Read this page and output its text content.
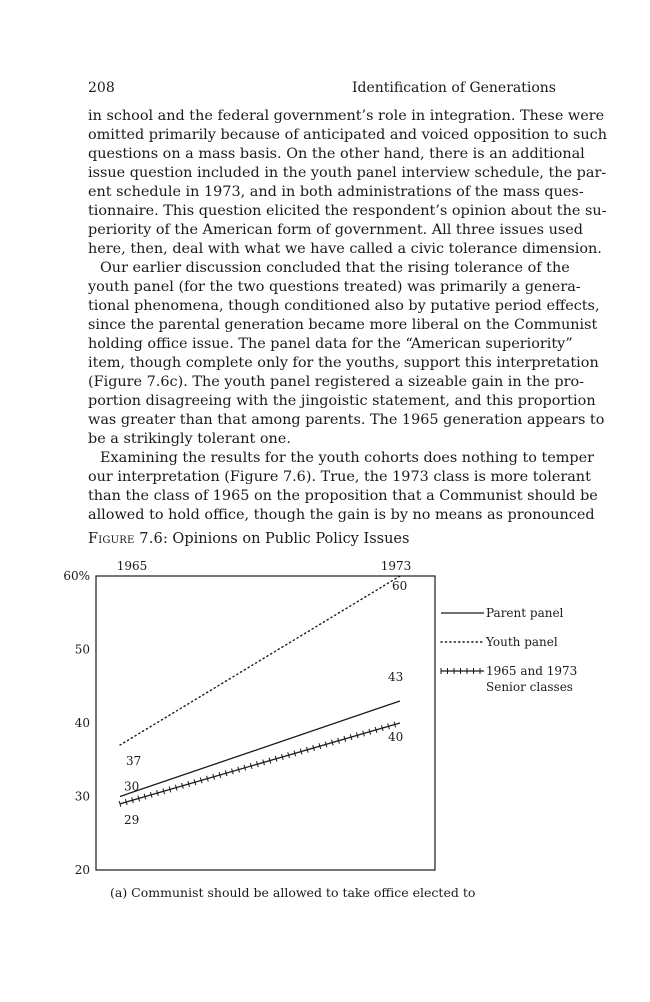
208	Identification of Generations
in school and the federal government’s role in integration. These were
omitted primarily because of anticipated and voiced opposition to such
questions on a mass basis. On the other hand, there is an additional
issue question included in the youth panel interview schedule, the par-
ent schedule in 1973, and in both administrations of the mass ques-
tionnaire. This question elicited the respondent’s opinion about the su-
periority of the American form of government. All three issues used
here, then, deal with what we have called a civic tolerance dimension.
Our earlier discussion concluded that the rising tolerance of the
youth panel (for the two questions treated) was primarily a genera-
tional phenomena, though conditioned also by putative period effects,
since the parental generation became more liberal on the Communist
holding office issue. The panel data for the “American superiority”
item, though complete only for the youths, support this interpretation
(Figure 7.6c). The youth panel registered a sizeable gain in the pro-
portion disagreeing with the jingoistic statement, and this proportion
was greater than that among parents. The 1965 generation appears to
be a strikingly tolerant one.
Examining the results for the youth cohorts does nothing to temper
our interpretation (Figure 7.6). True, the 1973 class is more tolerant
than the class of 1965 on the proposition that a Communist should be
allowed to hold office, though the gain is by no means as pronounced
Figure 7.6: Opinions on Public Policy Issues
60%
50
40
30
20
1965	1973
30
43
37
60
29
40
Parent panel
Youth panel
1965 and 1973
Senior classes
(a) Communist should be allowed to take office elected to
